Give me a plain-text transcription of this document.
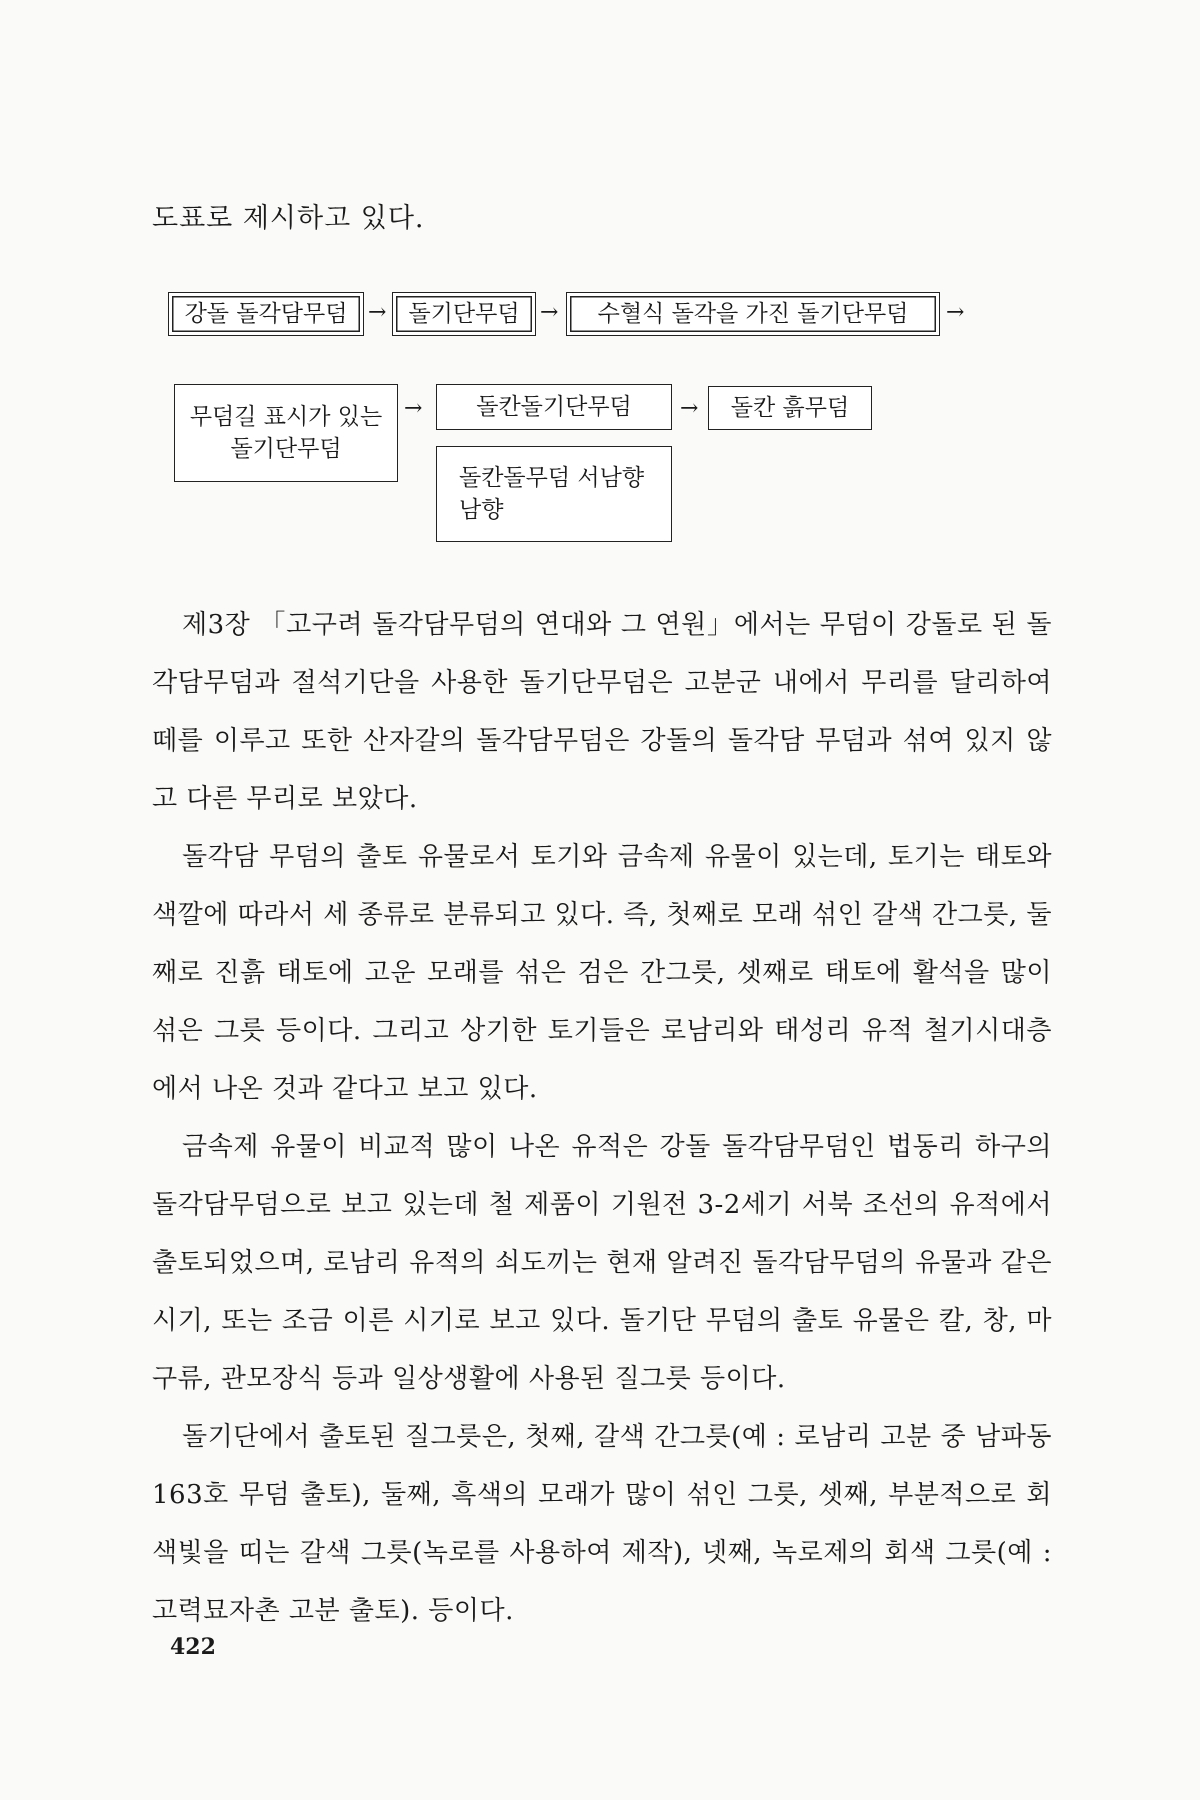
도표로 제시하고 있다.
강돌 돌각담무덤 → 돌기단무덤 → 수혈식 돌각을 가진 돌기단무덤 →
무덤길 표시가 있는
돌기단무덤
→ 돌칸돌기단무덤 → 돌칸 흙무덤
돌칸돌무덤 서남향
남향

제3장 「고구려 돌각담무덤의 연대와 그 연원」에서는 무덤이 강돌로 된 돌각담무덤과 절석기단을 사용한 돌기단무덤은 고분군 내에서 무리를 달리하여 떼를 이루고 또한 산자갈의 돌각담무덤은 강돌의 돌각담 무덤과 섞여 있지 않고 다른 무리로 보았다.

돌각담 무덤의 출토 유물로서 토기와 금속제 유물이 있는데, 토기는 태토와 색깔에 따라서 세 종류로 분류되고 있다. 즉, 첫째로 모래 섞인 갈색 간그릇, 둘째로 진흙 태토에 고운 모래를 섞은 검은 간그릇, 셋째로 태토에 활석을 많이 섞은 그릇 등이다. 그리고 상기한 토기들은 로남리와 태성리 유적 철기시대층에서 나온 것과 같다고 보고 있다.

금속제 유물이 비교적 많이 나온 유적은 강돌 돌각담무덤인 법동리 하구의 돌각담무덤으로 보고 있는데 철 제품이 기원전 3-2세기 서북 조선의 유적에서 출토되었으며, 로남리 유적의 쇠도끼는 현재 알려진 돌각담무덤의 유물과 같은 시기, 또는 조금 이른 시기로 보고 있다. 돌기단 무덤의 출토 유물은 칼, 창, 마구류, 관모장식 등과 일상생활에 사용된 질그릇 등이다.

돌기단에서 출토된 질그릇은, 첫째, 갈색 간그릇(예 : 로남리 고분 중 남파동 163호 무덤 출토), 둘째, 흑색의 모래가 많이 섞인 그릇, 셋째, 부분적으로 회색빛을 띠는 갈색 그릇(녹로를 사용하여 제작), 넷째, 녹로제의 회색 그릇(예 : 고력묘자촌 고분 출토). 등이다.

422
